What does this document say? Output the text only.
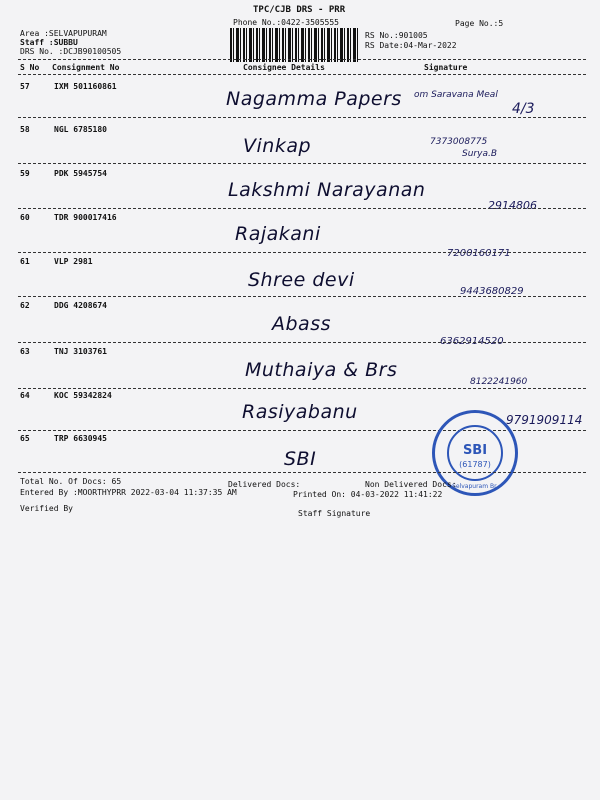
TPC/CJB DRS - PRR
Phone No.:0422-3505555	Page No.:5
Area :SELVAPUPURAM
Staff :SUBBU
DRS No. :DCJB90100505
RS No.:901005
RS Date:04-Mar-2022
S No Consignment No	Consignee Details	Signature
57	IXM 501160861
Nagamma Papers om Saravana Meal
4/3
58	NGL 6785180
Vinkap	7373008775
Surya.B
59	PDK 5945754
Lakshmi Narayanan
2914806
60	TDR 900017416
Rajakani
7200160171
61	VLP 2981
Shree devi
9443680829
62	DDG 4208674
Abass
6362914520
63	TNJ 3103761
Muthaiya & Brs
8122241960
64	KOC 59342824
Rasiyabanu	9791909114
65	TRP 6630945
SBI	SBI
(61787)
Selvapuram Br.
Total No. Of Docs: 65	Delivered Docs:	Non Delivered Docs:
Entered By :MOORTHYPRR 2022-03-04 11:37:35 AM	Printed On: 04-03-2022 11:41:22
Verified By
Staff Signature
